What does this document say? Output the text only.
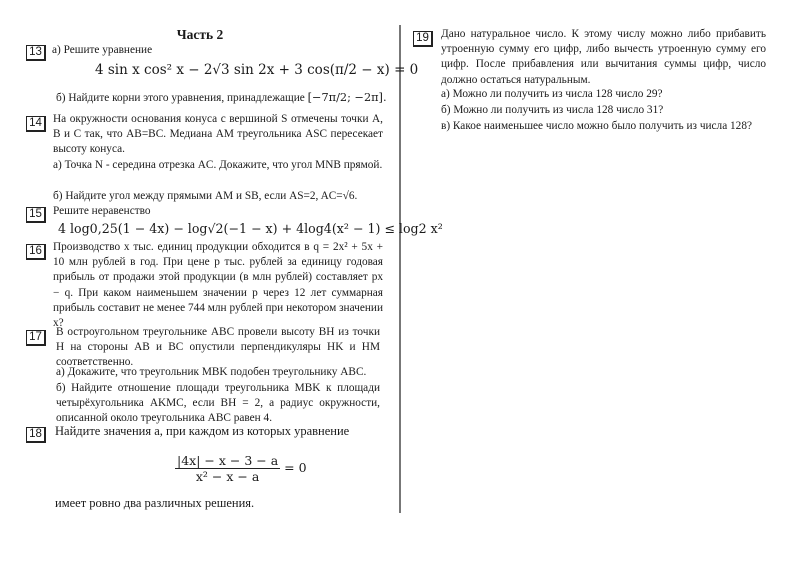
Часть 2
13 а) Решите уравнение
4 sin x cos² x − 2√3 sin 2x + 3 cos(π/2 − x) = 0
б) Найдите корни этого уравнения, принадлежащие [−7π/2; −2π].
14 На окружности основания конуса с вершиной S отмечены точки A, B и C так, что AB=BC. Медиана AM треугольника ASC пересекает высоту конуса.
а) Точка N - середина отрезка AC. Докажите, что угол MNB прямой.
б) Найдите угол между прямыми AM и SB, если AS=2, AC=√6.
15 Решите неравенство
4 log0,25(1 − 4x) − log√2(−1 − x) + 4log4(x² − 1) ≤ log2 x²
16 Производство x тыс. единиц продукции обходится в q = 2x² + 5x + 10 млн рублей в год. При цене p тыс. рублей за единицу годовая прибыль от продажи этой продукции (в млн рублей) составляет px − q. При каком наименьшем значении p через 12 лет суммарная прибыль составит не менее 744 млн рублей при некотором значении x?
17	В остроугольном треугольнике ABC провели высоту BH из точки H на стороны AB и BC опустили перпендикуляры HK и HM соответственно.
а) Докажите, что треугольник MBK подобен треугольнику ABC.
б) Найдите отношение площади треугольника MBK к площади четырёхугольника AKMC, если BH = 2, а радиус окружности, описанной около треугольника ABC равен 4.
18	Найдите значения a, при каждом из которых уравнение
$\frac{|4x| - x - 3 - a}{\text{x² − x − a}} = 0$
имеет ровно два различных решения.
19	Дано натуральное число. К этому числу можно либо прибавить утроенную сумму его цифр, либо вычесть утроенную сумму его цифр. После прибавления или вычитания суммы цифр, число должно остаться натуральным.
а) Можно ли получить из числа 128 число 29?
б) Можно ли получить из числа 128 число 31?
в) Какое наименьшее число можно было получить из числа 128?
